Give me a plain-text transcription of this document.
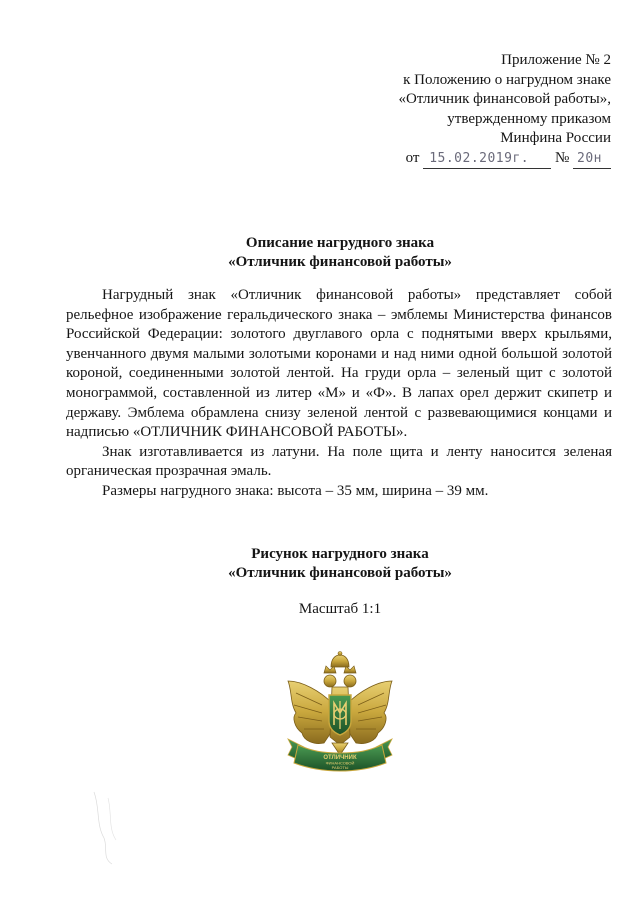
Приложение № 2
к Положению о нагрудном знаке
«Отличник финансовой работы»,
утвержденному приказом
Минфина России
от 15.02.2019г. № 20н
Описание нагрудного знака
«Отличник финансовой работы»

Нагрудный знак «Отличник финансовой работы» представляет собой рельефное изображение геральдического знака – эмблемы Министерства финансов Российской Федерации: золотого двуглавого орла с поднятыми вверх крыльями, увенчанного двумя малыми золотыми коронами и над ними одной большой золотой короной, соединенными золотой лентой. На груди орла – зеленый щит с золотой монограммой, составленной из литер «М» и «Ф». В лапах орел держит скипетр и державу. Эмблема обрамлена снизу зеленой лентой с развевающимися концами и надписью «ОТЛИЧНИК ФИНАНСОВОЙ РАБОТЫ».

Знак изготавливается из латуни. На поле щита и ленту наносится зеленая органическая прозрачная эмаль.

Размеры нагрудного знака: высота – 35 мм, ширина – 39 мм.

Рисунок нагрудного знака
«Отличник финансовой работы»
Масштаб 1:1
ОТЛИЧНИК
ФИНАНСОВОЙ
РАБОТЫ
